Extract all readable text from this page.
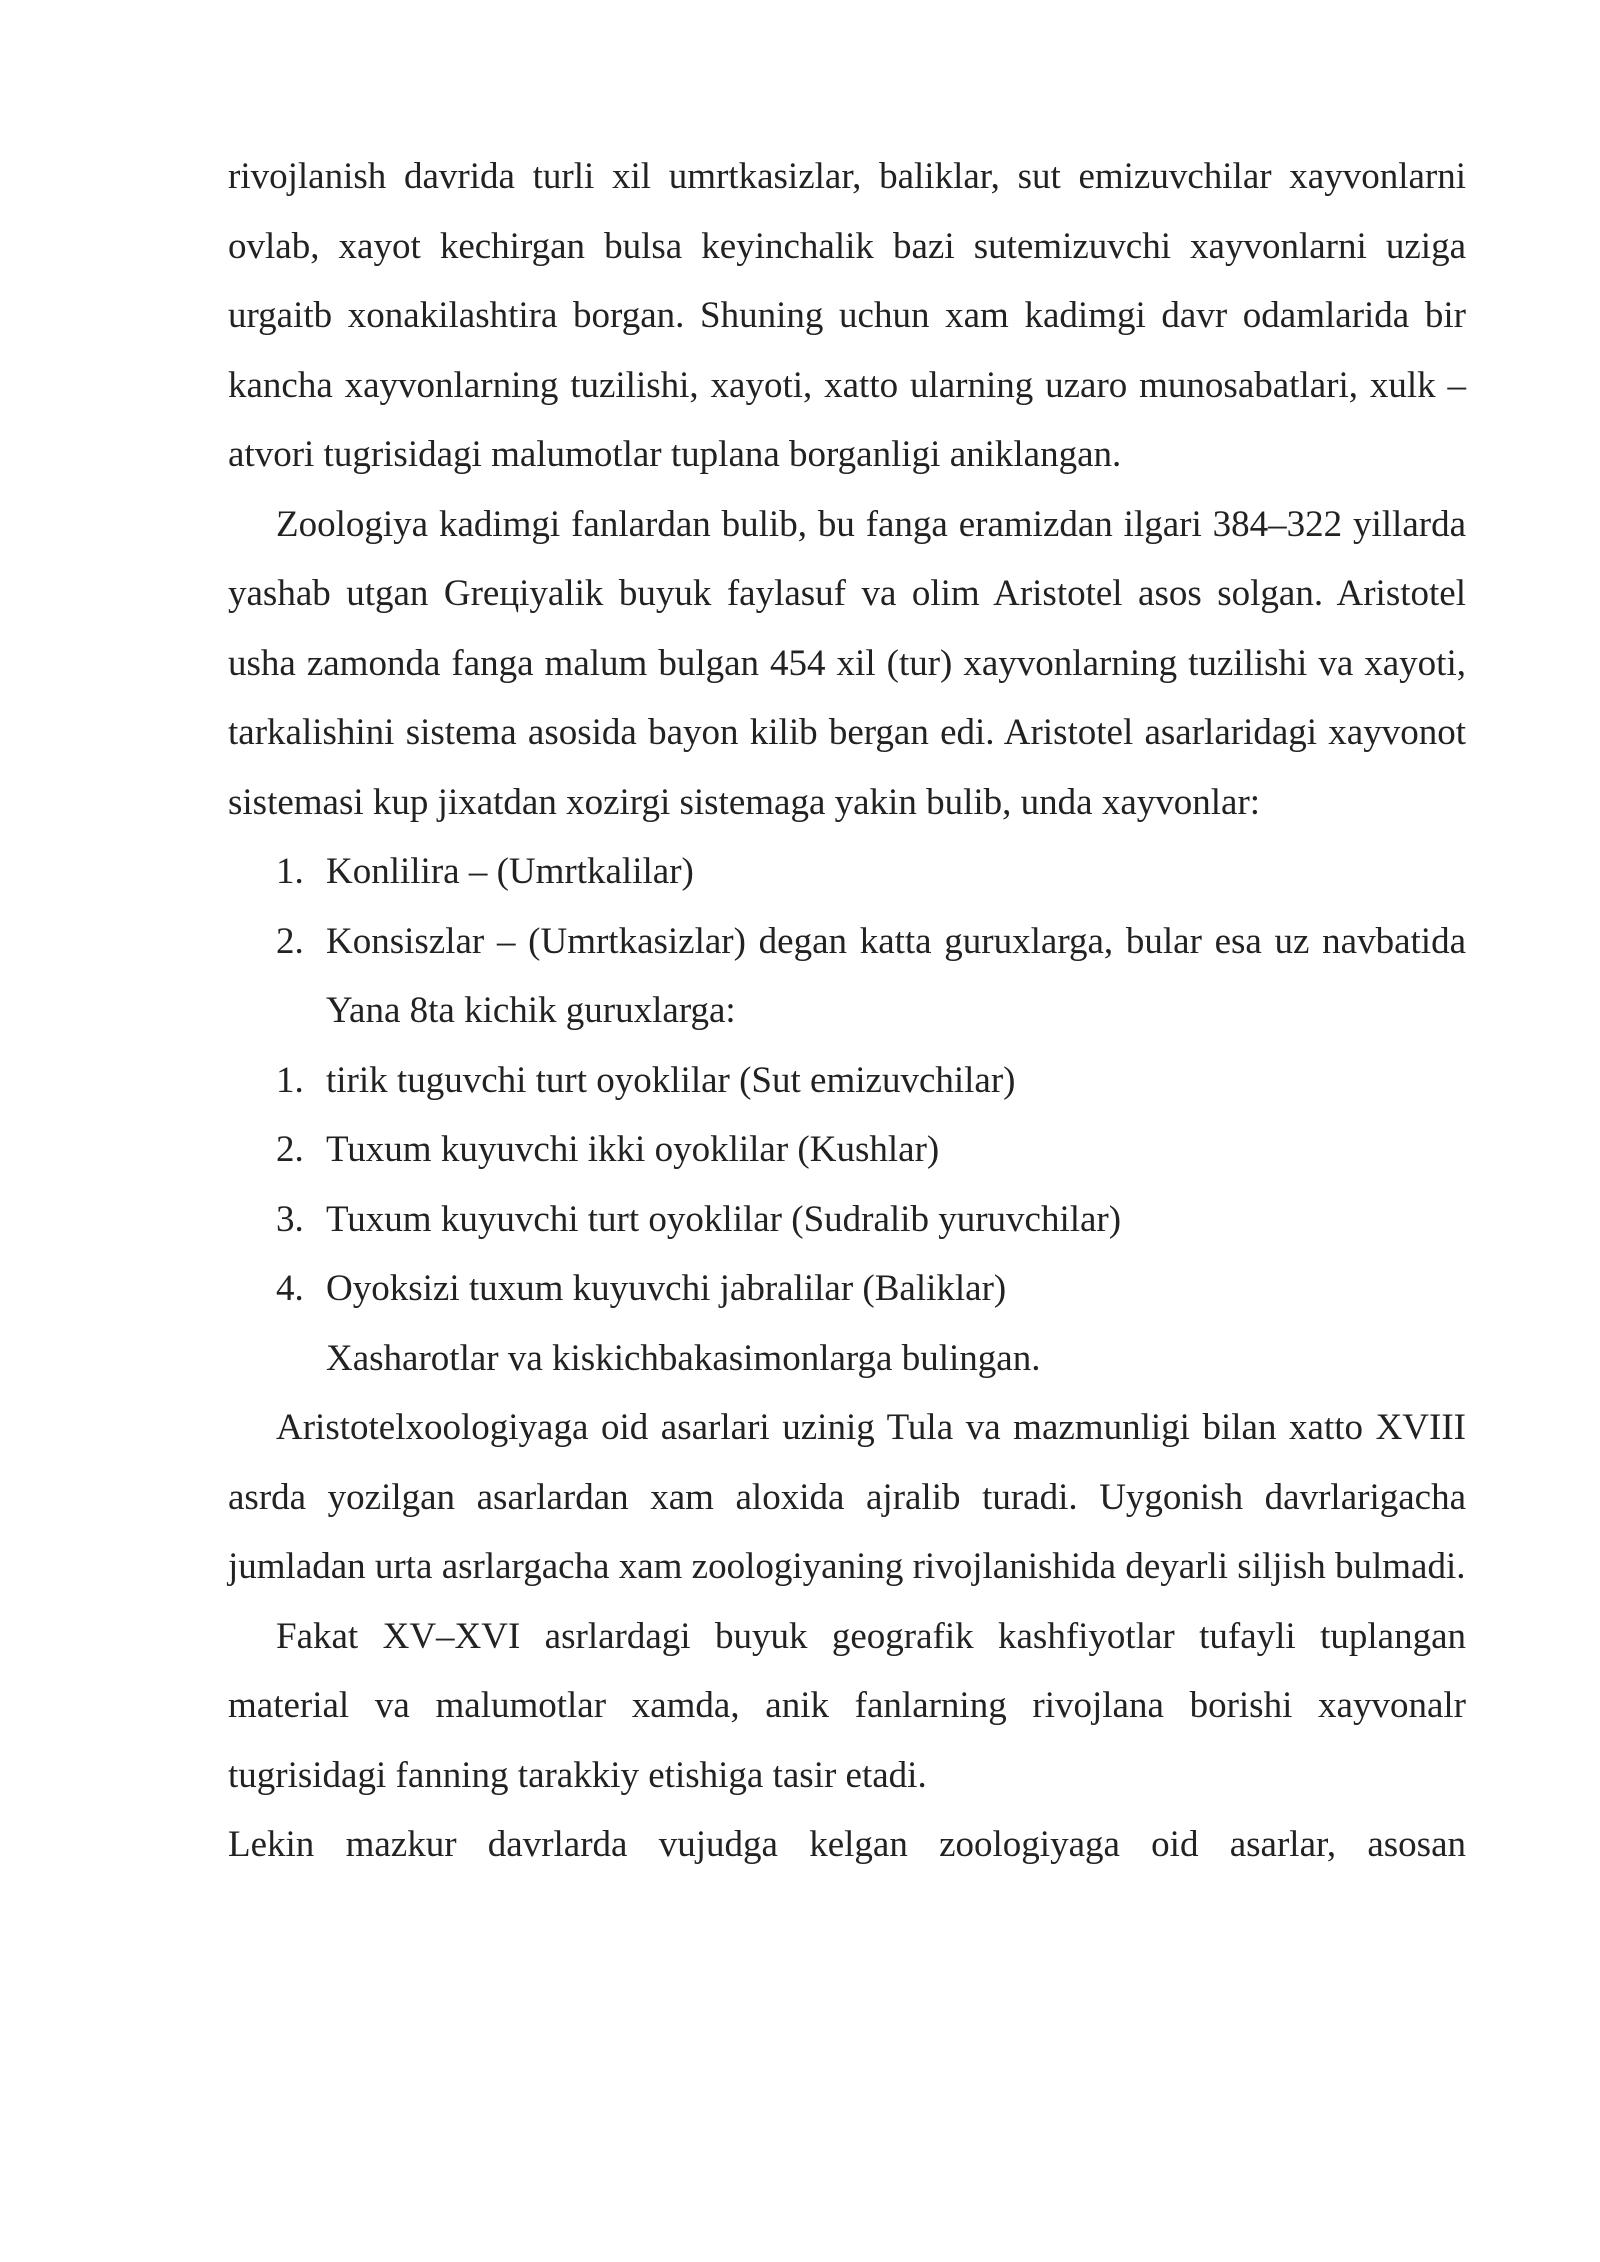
rivojlanish davrida turli xil umrtkasizlar, baliklar, sut emizuvchilar xayvonlarni ovlab, xayot kechirgan bulsa keyinchalik bazi sutemizuvchi xayvonlarni uziga urgaitb xonakilashtira borgan. Shuning uchun xam kadimgi davr odamlarida bir kancha xayvonlarning tuzilishi, xayoti, xatto ularning uzaro munosabatlari, xulk – atvori tugrisidagi malumotlar tuplana borganligi aniklangan.

Zoologiya kadimgi fanlardan bulib, bu fanga eramizdan ilgari 384–322 yillarda yashab utgan Greцiyalik buyuk faylasuf va olim Aristotel asos solgan. Aristotel usha zamonda fanga malum bulgan 454 xil (tur) xayvonlarning tuzilishi va xayoti, tarkalishini sistema asosida bayon kilib bergan edi. Aristotel asarlaridagi xayvonot sistemasi kup jixatdan xozirgi sistemaga yakin bulib, unda xayvonlar:

1. Konlilira – (Umrtkalilar)
2. Konsiszlar – (Umrtkasizlar) degan katta guruxlarga, bular esa uz navbatida Yana 8ta kichik guruxlarga:
1. tirik tuguvchi turt oyoklilar (Sut emizuvchilar)
2. Tuxum kuyuvchi ikki oyoklilar (Kushlar)
3. Tuxum kuyuvchi turt oyoklilar (Sudralib yuruvchilar)
4. Oyoksizi tuxum kuyuvchi jabralilar (Baliklar)

Xasharotlar va kiskichbakasimonlarga bulingan.

Aristotelxoologiyaga oid asarlari uzinig Tula va mazmunligi bilan xatto XVIII asrda yozilgan asarlardan xam aloxida ajralib turadi. Uygonish davrlarigacha jumladan urta asrlargacha xam zoologiyaning rivojlanishida deyarli siljish bulmadi.

Fakat XV–XVI asrlardagi buyuk geografik kashfiyotlar tufayli tuplangan material va malumotlar xamda, anik fanlarning rivojlana borishi xayvonalr tugrisidagi fanning tarakkiy etishiga tasir etadi.

Lekin mazkur davrlarda vujudga kelgan zoologiyaga oid asarlar, asosan
